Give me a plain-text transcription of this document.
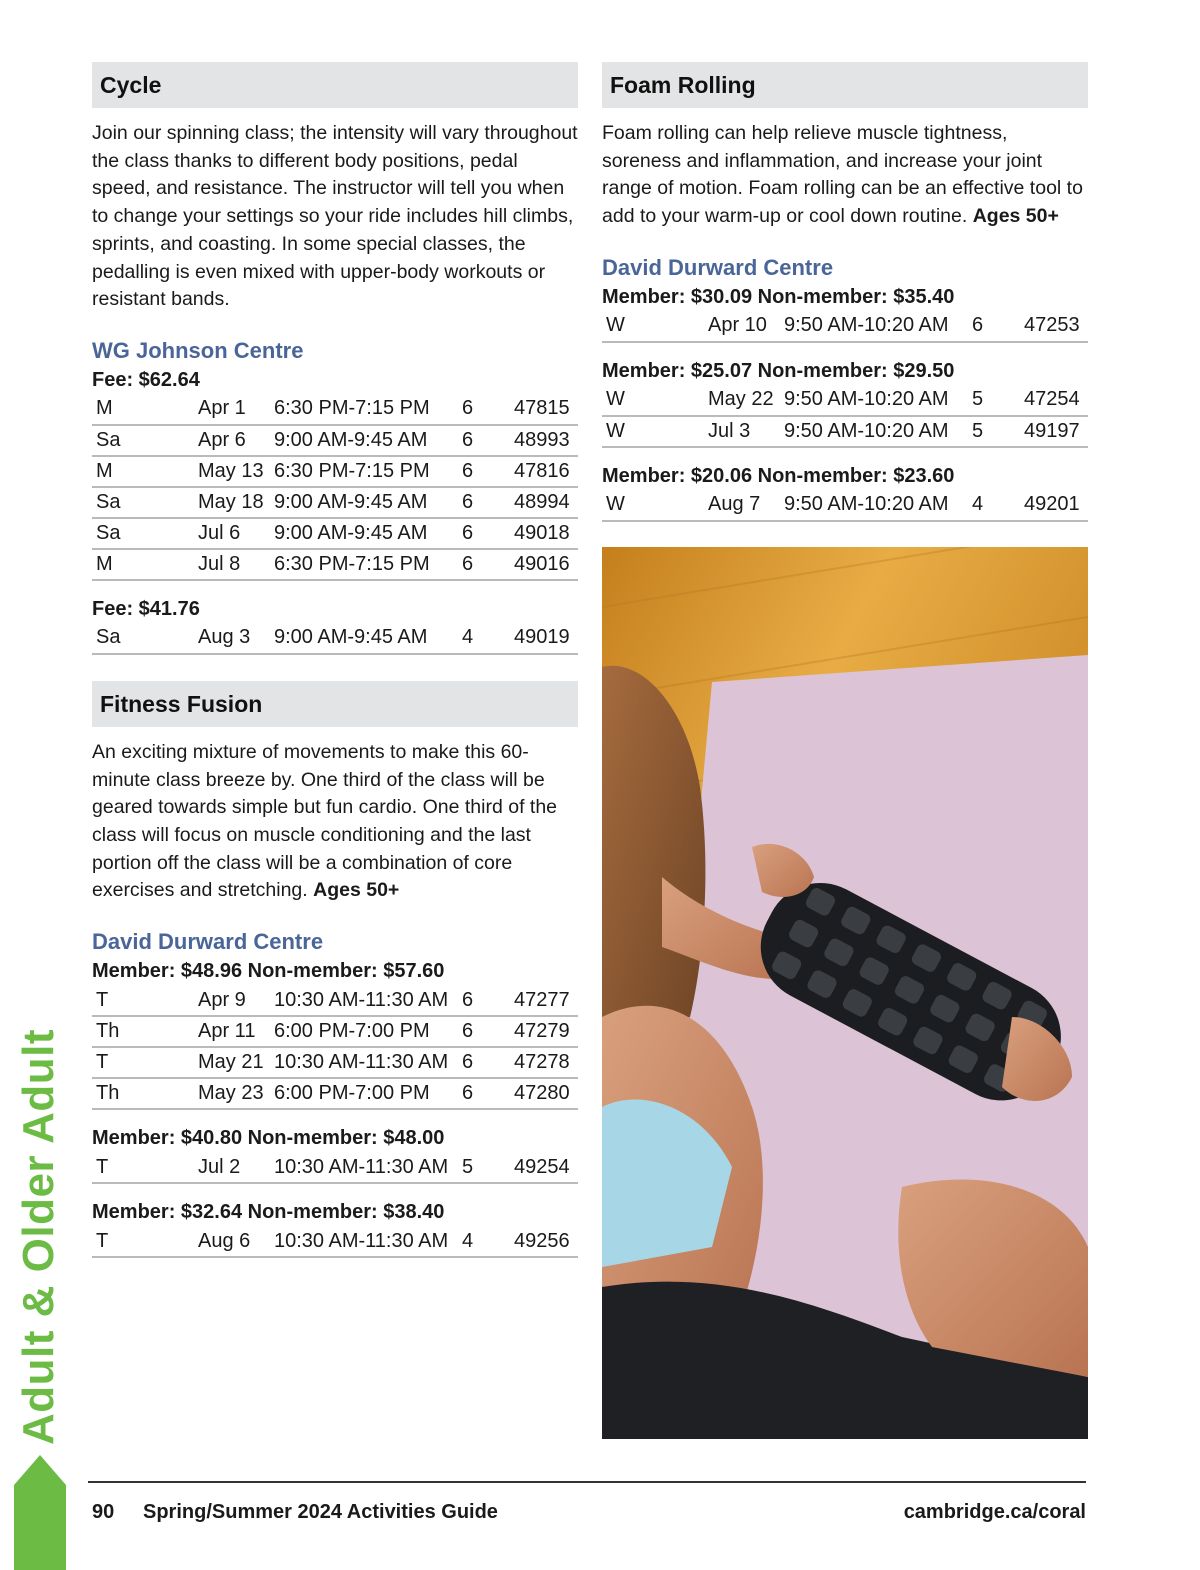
Cycle

Join our spinning class; the intensity will vary throughout the class thanks to different body positions, pedal speed, and resistance. The instructor will tell you when to change your settings so your ride includes hill climbs, sprints, and coasting. In some special classes, the pedalling is even mixed with upper-body workouts or resistant bands.

WG Johnson Centre
Fee: $62.64
M	Apr 1	6:30 PM-7:15 PM	6	47815
Sa	Apr 6	9:00 AM-9:45 AM	6	48993
M	May 13	6:30 PM-7:15 PM	6	47816
Sa	May 18	9:00 AM-9:45 AM	6	48994
Sa	Jul 6	9:00 AM-9:45 AM	6	49018
M	Jul 8	6:30 PM-7:15 PM	6	49016
Fee: $41.76
Sa	Aug 3	9:00 AM-9:45 AM	4	49019
Fitness Fusion

An exciting mixture of movements to make this 60-minute class breeze by. One third of the class will be geared towards simple but fun cardio. One third of the class will focus on muscle conditioning and the last portion off the class will be a combination of core exercises and stretching. Ages 50+

David Durward Centre
Member: $48.96 Non-member: $57.60
T	Apr 9	10:30 AM-11:30 AM	6	47277
Th	Apr 11	6:00 PM-7:00 PM	6	47279
T	May 21	10:30 AM-11:30 AM	6	47278
Th	May 23	6:00 PM-7:00 PM	6	47280
Member: $40.80 Non-member: $48.00
T	Jul 2	10:30 AM-11:30 AM	5	49254
Member: $32.64 Non-member: $38.40
T	Aug 6	10:30 AM-11:30 AM	4	49256
Foam Rolling

Foam rolling can help relieve muscle tightness, soreness and inflammation, and increase your joint range of motion. Foam rolling can be an effective tool to add to your warm-up or cool down routine. Ages 50+

David Durward Centre
Member: $30.09 Non-member: $35.40
W	Apr 10	9:50 AM-10:20 AM	6	47253
Member: $25.07 Non-member: $29.50
W	May 22	9:50 AM-10:20 AM	5	47254
W	Jul 3	9:50 AM-10:20 AM	5	49197
Member: $20.06 Non-member: $23.60
W	Aug 7	9:50 AM-10:20 AM	4	49201
Adult & Older Adult
90 Spring/Summer 2024 Activities Guide	cambridge.ca/coral
